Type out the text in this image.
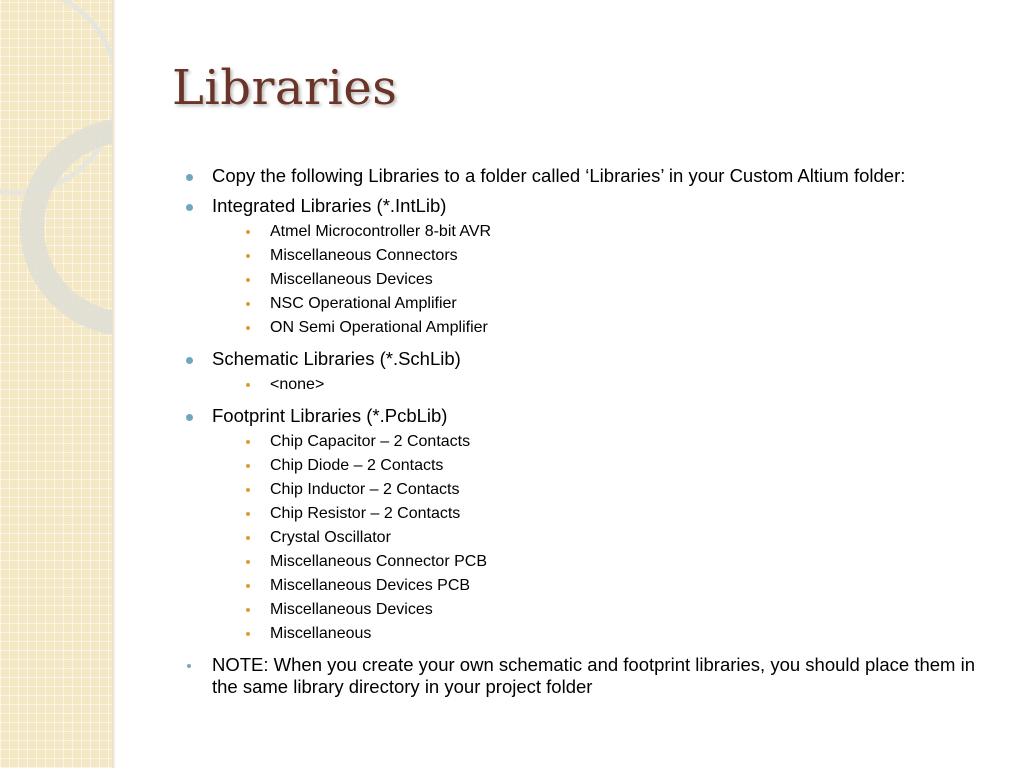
Libraries
Copy the following Libraries to a folder called ‘Libraries’ in your Custom Altium folder:
Integrated Libraries (*.IntLib)
Atmel Microcontroller 8-bit AVR
Miscellaneous Connectors
Miscellaneous Devices
NSC Operational Amplifier
ON Semi Operational Amplifier
Schematic Libraries (*.SchLib)
<none>
Footprint Libraries (*.PcbLib)
Chip Capacitor – 2 Contacts
Chip Diode – 2 Contacts
Chip Inductor – 2 Contacts
Chip Resistor – 2 Contacts
Crystal Oscillator
Miscellaneous Connector PCB
Miscellaneous Devices PCB
Miscellaneous Devices
Miscellaneous
NOTE: When you create your own schematic and footprint libraries, you should place them in the same library directory in your project folder
